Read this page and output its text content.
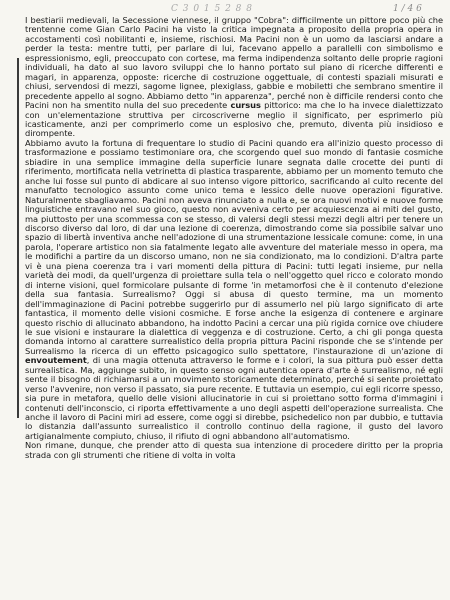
C 3 0 1 5 2 8 8	1 / 4 6

I bestiarii medievali, la Secessione viennese, il gruppo "Cobra": difficilmente un pittore poco più che trentenne come Gian Carlo Pacini ha visto la critica impegnata a proposito della propria opera in accostamenti così nobilitanti e, insieme, rischiosi. Ma Pacini non è un uomo da lasciarsi andare a perder la testa: mentre tutti, per parlare di lui, facevano appello a parallelli con simbolismo e espressionismo, egli, preoccupato con cortese, ma ferma indipendenza soltanto delle proprie ragioni individuali, ha dato al suo lavoro sviluppi che lo hanno portato sul piano di ricerche differenti e magari, in apparenza, opposte: ricerche di costruzione oggettuale, di contesti spaziali misurati e chiusi, servendosi di mezzi, sagome lignee, plexiglass, gabbie e mobiletti che sembrano smentire il precedente appello al sogno. Abbiamo detto "in apparenza", perché non è difficile rendersi conto che Pacini non ha smentito nulla del suo precedente cursus pittorico: ma che lo ha invece dialettizzato con un'elementazione struttiva per circoscriverne meglio il significato, per esprimerlo più icasticamente, anzi per comprimerlo come un esplosivo che, premuto, diventa più insidioso e dirompente.

Abbiamo avuto la fortuna di frequentare lo studio di Pacini quando era all'inizio questo processo di trasformazione e possiamo testimoniare ora, che scorgendo quel suo mondo di fantasie cosmiche sbiadire in una semplice immagine della superficie lunare segnata dalle crocette dei punti di riferimento, mortificata nella vetrinetta di plastica trasparente, abbiamo per un momento temuto che anche lui fosse sul punto di abdicare al suo intenso vigore pittorico, sacrificando al culto recente del manufatto tecnologico assunto come unico tema e lessico delle nuove operazioni figurative. Naturalmente sbagliavamo. Pacini non aveva rinunciato a nulla e, se ora nuovi motivi e nuove forme linguistiche entravano nel suo gioco, questo non avveniva certo per acquiescenza ai miti del gusto, ma piuttosto per una scommessa con se stesso, di valersi degli stessi mezzi degli altri per tenere un discorso diverso dal loro, di dar una lezione di coerenza, dimostrando come sia possibile salvar uno spazio di libertà inventiva anche nell'adozione di una strumentazione lessicale comune: come, in una parola, l'operare artistico non sia fatalmente legato alle avventure del materiale messo in opera, ma le modifichi a partire da un discorso umano, non ne sia condizionato, ma lo condizioni. D'altra parte vi è una piena coerenza tra i vari momenti della pittura di Pacini: tutti legati insieme, pur nella varietà dei modi, da quell'urgenza di proiettare sulla tela o nell'oggetto quel ricco e colorato mondo di interne visioni, quel formicolare pulsante di forme 'in metamorfosi che è il contenuto d'elezione della sua fantasia. Surrealismo? Oggi si abusa di questo termine, ma un momento dell'immaginazione di Pacini potrebbe suggerirlo pur di assumerlo nel più largo significato di arte fantastica, il momento delle visioni cosmiche. E forse anche la esigenza di contenere e arginare questo rischio di allucinato abbandono, ha indotto Pacini a cercar una più rigida cornice ove chiudere le sue visioni e instaurare la dialettica di veggenza e di costruzione. Certo, a chi gli ponga questa domanda intorno al carattere surrealistico della propria pittura Pacini risponde che se s'intende per Surrealismo la ricerca di un effetto psicagogico sullo spettatore, l'instaurazione di un'azione di envoutement, di una magia ottenuta attraverso le forme e i colori, la sua pittura può esser detta surrealistica. Ma, aggiunge subito, in questo senso ogni autentica opera d'arte è surrealismo, né egli sente il bisogno di richiamarsi a un movimento storicamente determinato, perché si sente proiettato verso l'avvenire, non verso il passato, sia pure recente. E tuttavia un esempio, cui egli ricorre spesso, sia pure in metafora, quello delle visioni allucinatorie in cui si proiettano sotto forma d'immagini i contenuti dell'inconscio, ci riporta effettivamente a uno degli aspetti dell'operazione surrealista. Che anche il lavoro di Pacini miri ad essere, come oggi si direbbe, psichedelico non par dubbio, e tuttavia lo distanzia dall'assunto surrealistico il controllo continuo della ragione, il gusto del lavoro artigianalmente compiuto, chiuso, il rifiuto di ogni abbandono all'automatismo.

Non rimane, dunque, che prender atto di questa sua intenzione di procedere diritto per la propria strada con gli strumenti che ritiene di volta in volta
